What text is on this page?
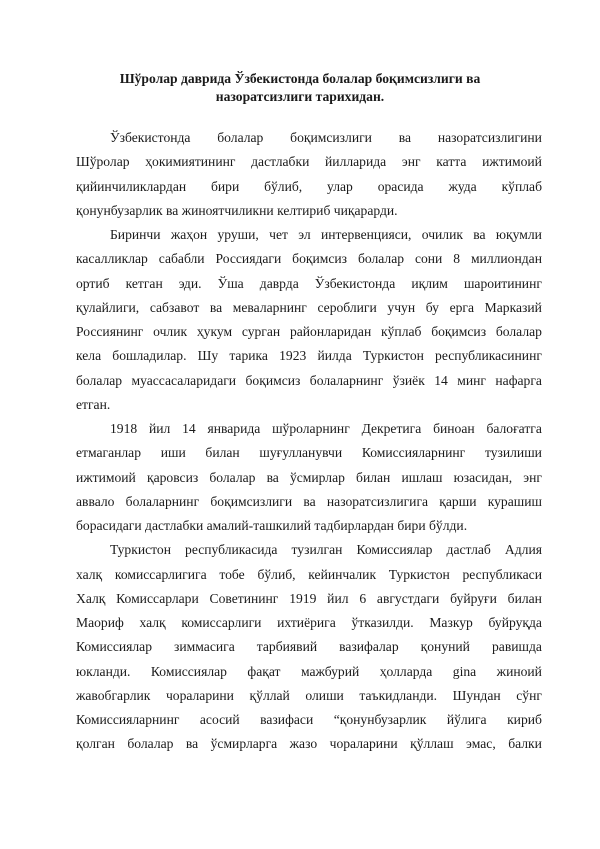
Шўролар даврида Ўзбекистонда болалар боқимсизлиги ва
назоратсизлиги тарихидан.
Ўзбекистонда болалар боқимсизлиги ва назоратсизлигини
Шўролар ҳокимиятининг дастлабки йилларида энг катта ижтимоий
қийинчиликлардан бири бўлиб, улар орасида жуда кўплаб
қонунбузарлик ва жиноятчиликни келтириб чиқарарди.
Биринчи жаҳон уруши, чет эл интервенцияси, очилик ва юқумли
касалликлар сабабли Россиядаги боқимсиз болалар сони 8 миллиондан
ортиб кетган эди. Ўша даврда Ўзбекистонда иқлим шароитининг
қулайлиги, сабзавот ва меваларнинг сероблиги учун бу ерга Марказий
Россиянинг очлик ҳукум сурган районларидан кўплаб боқимсиз болалар
кела бошладилар. Шу тарика 1923 йилда Туркистон республикасининг
болалар муассасаларидаги боқимсиз болаларнинг ўзиёк 14 минг нафарга
етган.
1918 йил 14 январида шўроларнинг Декретига биноан балоғатга
етмаганлар иши билан шуғулланувчи Комиссияларнинг тузилиши
ижтимоий қаровсиз болалар ва ўсмирлар билан ишлаш юзасидан, энг
аввало болаларнинг боқимсизлиги ва назоратсизлигига қарши курашиш
борасидаги дастлабки амалий-ташкилий тадбирлардан бири бўлди.
Туркистон республикасида тузилган Комиссиялар дастлаб Адлия
халқ комиссарлигига тобе бўлиб, кейинчалик Туркистон республикаси
Халқ Комиссарлари Советининг 1919 йил 6 августдаги буйруғи билан
Маориф халқ комиссарлиги ихтиёрига ўтказилди. Мазкур буйруқда
Комиссиялар зиммасига тарбиявий вазифалар қонуний равишда
юкланди. Комиссиялар фақат мажбурий ҳолларда ginа жиноий
жавобгарлик чораларини қўллай олиши таъкидланди. Шундан сўнг
Комиссияларнинг асосий вазифаси “қонунбузарлик йўлига кириб
қолган болалар ва ўсмирларга жазо чораларини қўллаш эмас, балки
